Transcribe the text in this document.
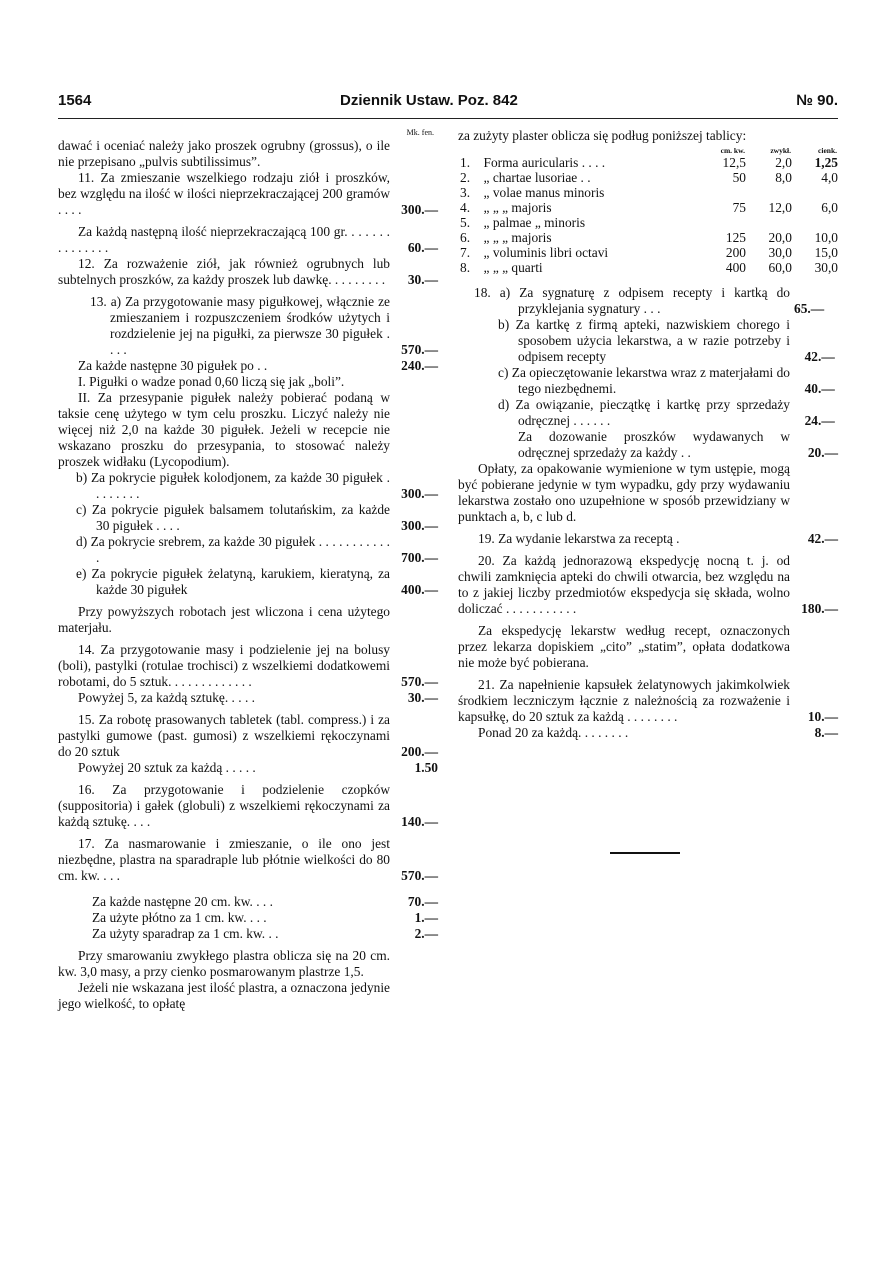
1564	Dziennik Ustaw. Poz. 842	№ 90.
Mk. fen.

dawać i oceniać należy jako proszek ogrubny (grossus), o ile nie przepisano „pulvis subtilissimus”.

11. Za zmieszanie wszelkiego rodzaju ziół i proszków, bez względu na ilość w ilości nieprzekraczającej 200 gramów . . . .	300.—

Za każdą następną ilość nieprzekraczającą 100 gr. . . . . . . . . . . . . . .	60.—

12. Za rozważenie ziół, jak również ogrubnych lub subtelnych proszków, za każdy proszek lub dawkę. . . . . . . . .	30.—

13. a) Za przygotowanie masy pigułkowej, włącznie ze zmieszaniem i rozpuszczeniem środków użytych i rozdzielenie jej na pigułki, za pierwsze 30 pigułek . . . .	570.—

Za każde następne 30 pigułek po . .	240.—

I. Pigułki o wadze ponad 0,60 liczą się jak „boli”.

II. Za przesypanie pigułek należy pobierać podaną w taksie cenę użytego w tym celu proszku. Liczyć należy nie więcej niż 2,0 na każde 30 pigułek. Jeżeli w recepcie nie wskazano proszku do przesypania, to stosować należy proszek widłaku (Lycopodium).

b) Za pokrycie pigułek kolodjonem, za każde 30 pigułek . . . . . . . .	300.—

c) Za pokrycie pigułek balsamem tolutańskim, za każde 30 pigułek . . . .	300.—

d) Za pokrycie srebrem, za każde 30 pigułek . . . . . . . . . . . .	700.—

e) Za pokrycie pigułek żelatyną, karukiem, kieratyną, za każde 30 pigułek	400.—

Przy powyższych robotach jest wliczona i cena użytego materjału.

14. Za przygotowanie masy i podzielenie jej na bolusy (boli), pastylki (rotulae trochisci) z wszelkiemi dodatkowemi robotami, do 5 sztuk. . . . . . . . . . . . .	570.—

Powyżej 5, za każdą sztukę. . . . .	30.—

15. Za robotę prasowanych tabletek (tabl. compress.) i za pastylki gumowe (past. gumosi) z wszelkiemi rękoczynami do 20 sztuk	200.—

Powyżej 20 sztuk za każdą . . . . .	1.50

16. Za przygotowanie i podzielenie czopków (suppositoria) i gałek (globuli) z wszelkiemi rękoczynami za każdą sztukę. . . .	140.—

17. Za nasmarowanie i zmieszanie, o ile ono jest niezbędne, plastra na sparadraple lub płótnie wielkości do 80 cm. kw. . . .	570.—

Za każde następne 20 cm. kw. . . .	70.—

Za użyte płótno za 1 cm. kw. . . .	1.—

Za użyty sparadrap za 1 cm. kw. . .	2.—

Przy smarowaniu zwykłego plastra oblicza się na 20 cm. kw. 3,0 masy, a przy cienko posmarowanym plastrze 1,5.

Jeżeli nie wskazana jest ilość plastra, a oznaczona jedynie jego wielkość, to opłatę

za zużyty plaster oblicza się podług poniższej tablicy:

		cm. kw.	zwykł.	cienk.
1.	Forma auricularis . . . .	12,5	2,0	1,25
2.	„ chartae lusoriae . .	50	8,0	4,0
3.	„ volae manus minoris			
4.	„ „ „ majoris	75	12,0	6,0
5.	„ palmae „ minoris			
6.	„ „ „ majoris	125	20,0	10,0
7.	„ voluminis libri octavi	200	30,0	15,0
8.	„ „ „ quarti	400	60,0	30,0

18. a) Za sygnaturę z odpisem recepty i kartką do przyklejania sygnatury . . .	65.—

b) Za kartkę z firmą apteki, nazwiskiem chorego i sposobem użycia lekarstwa, a w razie potrzeby i odpisem recepty	42.—

c) Za opieczętowanie lekarstwa wraz z materjałami do tego niezbędnemi.	40.—

d) Za owiązanie, pieczątkę i kartkę przy sprzedaży odręcznej . . . . . .	24.—

Za dozowanie proszków wydawanych w odręcznej sprzedaży za każdy . .	20.—

Opłaty, za opakowanie wymienione w tym ustępie, mogą być pobierane jedynie w tym wypadku, gdy przy wydawaniu lekarstwa zostało ono uzupełnione w sposób przewidziany w punktach a, b, c lub d.

19. Za wydanie lekarstwa za receptą .	42.—

20. Za każdą jednorazową ekspedycję nocną t. j. od chwili zamknięcia apteki do chwili otwarcia, bez względu na to z jakiej liczby przedmiotów ekspedycja się składa, wolno doliczać . . . . . . . . . . .	180.—

Za ekspedycję lekarstw według recept, oznaczonych przez lekarza dopiskiem „cito” „statim”, opłata dodatkowa nie może być pobierana.

21. Za napełnienie kapsułek żelatynowych jakimkolwiek środkiem leczniczym łącznie z należnością za rozważenie i kapsułkę, do 20 sztuk za każdą . . . . . . . .	10.—

Ponad 20 za każdą. . . . . . . .	8.—
